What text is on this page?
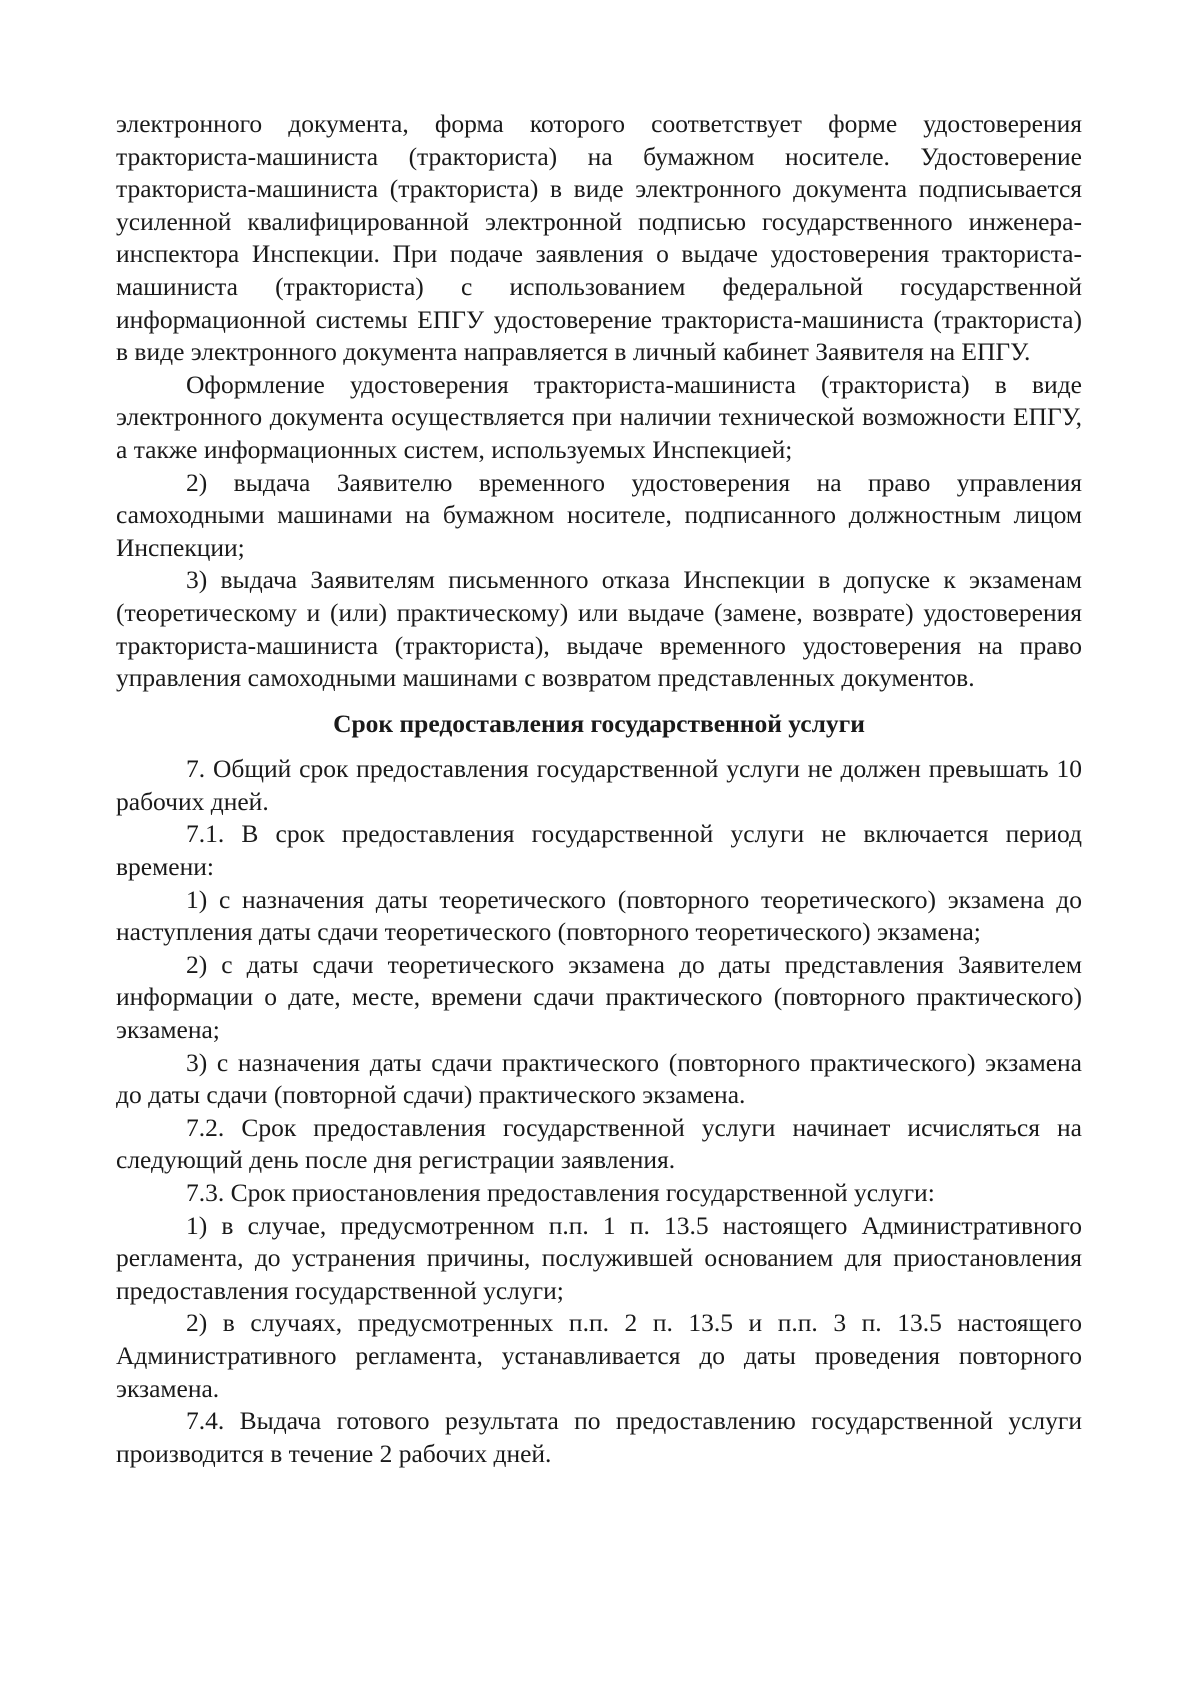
электронного документа, форма которого соответствует форме удостоверения тракториста-машиниста (тракториста) на бумажном носителе. Удостоверение тракториста-машиниста (тракториста) в виде электронного документа подписывается усиленной квалифицированной электронной подписью государственного инженера-инспектора Инспекции. При подаче заявления о выдаче удостоверения тракториста-машиниста (тракториста) с использованием федеральной государственной информационной системы ЕПГУ удостоверение тракториста-машиниста (тракториста) в виде электронного документа направляется в личный кабинет Заявителя на ЕПГУ.

Оформление удостоверения тракториста-машиниста (тракториста) в виде электронного документа осуществляется при наличии технической возможности ЕПГУ, а также информационных систем, используемых Инспекцией;

2) выдача Заявителю временного удостоверения на право управления самоходными машинами на бумажном носителе, подписанного должностным лицом Инспекции;

3) выдача Заявителям письменного отказа Инспекции в допуске к экзаменам (теоретическому и (или) практическому) или выдаче (замене, возврате) удостоверения тракториста-машиниста (тракториста), выдаче временного удостоверения на право управления самоходными машинами с возвратом представленных документов.

Срок предоставления государственной услуги

7. Общий срок предоставления государственной услуги не должен превышать 10 рабочих дней.

7.1. В срок предоставления государственной услуги не включается период времени:

1) с назначения даты теоретического (повторного теоретического) экзамена до наступления даты сдачи теоретического (повторного теоретического) экзамена;

2) с даты сдачи теоретического экзамена до даты представления Заявителем информации о дате, месте, времени сдачи практического (повторного практического) экзамена;

3) с назначения даты сдачи практического (повторного практического) экзамена до даты сдачи (повторной сдачи) практического экзамена.

7.2. Срок предоставления государственной услуги начинает исчисляться на следующий день после дня регистрации заявления.

7.3. Срок приостановления предоставления государственной услуги:

1) в случае, предусмотренном п.п. 1 п. 13.5 настоящего Административного регламента, до устранения причины, послужившей основанием для приостановления предоставления государственной услуги;

2) в случаях, предусмотренных п.п. 2 п. 13.5 и п.п. 3 п. 13.5 настоящего Административного регламента, устанавливается до даты проведения повторного экзамена.

7.4. Выдача готового результата по предоставлению государственной услуги производится в течение 2 рабочих дней.
